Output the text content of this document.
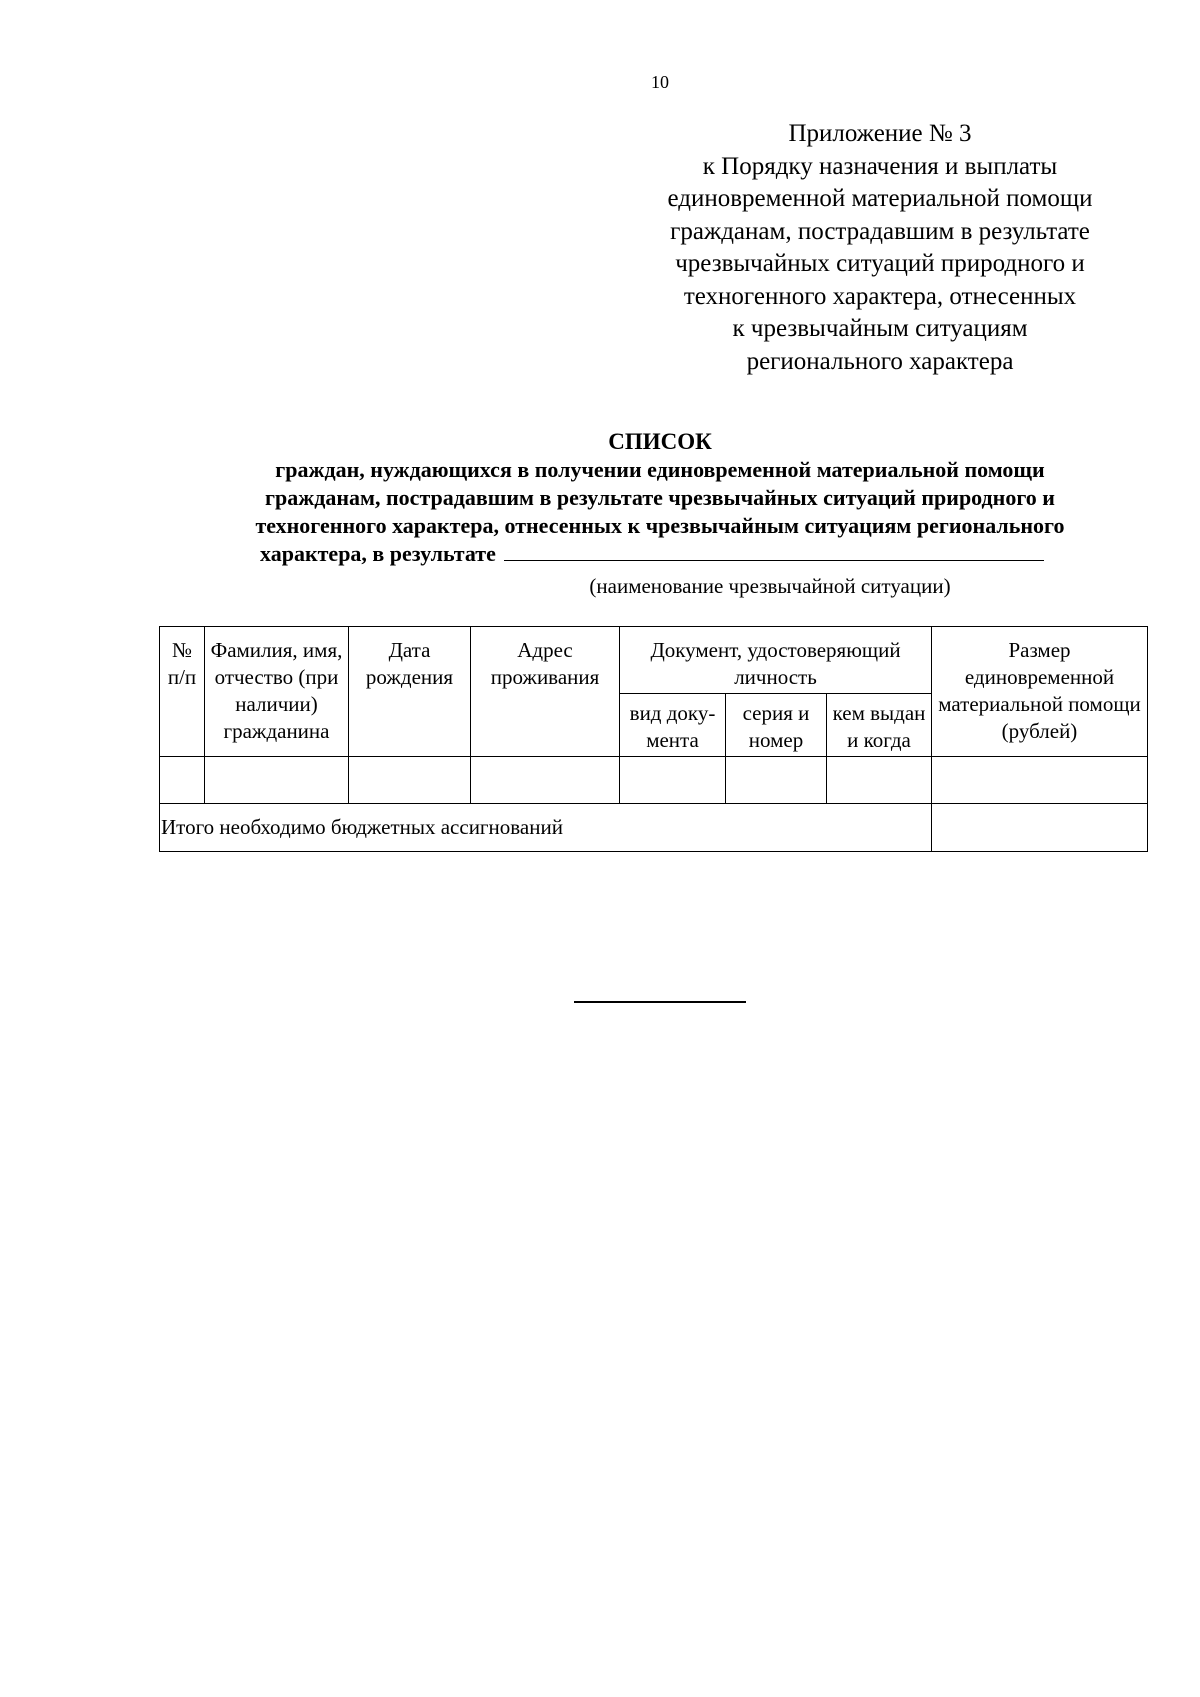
10
Приложение № 3
к Порядку назначения и выплаты
единовременной материальной помощи
гражданам, пострадавшим в результате
чрезвычайных ситуаций природного и
техногенного характера, отнесенных
к чрезвычайным ситуациям
регионального характера
СПИСОК
граждан, нуждающихся в получении единовременной материальной помощи
гражданам, пострадавшим в результате чрезвычайных ситуаций природного и
техногенного характера, отнесенных к чрезвычайным ситуациям регионального
характера, в результате
(наименование чрезвычайной ситуации)
№ п/п	Фамилия, имя, отчество (при наличии) гражданина	Дата рождения	Адрес проживания	Документ, удостоверяющий личность			Размер единовременной материальной помощи (рублей)
				вид доку-мента	серия и номер	кем выдан и когда	

Итого необходимо бюджетных ассигнований							
